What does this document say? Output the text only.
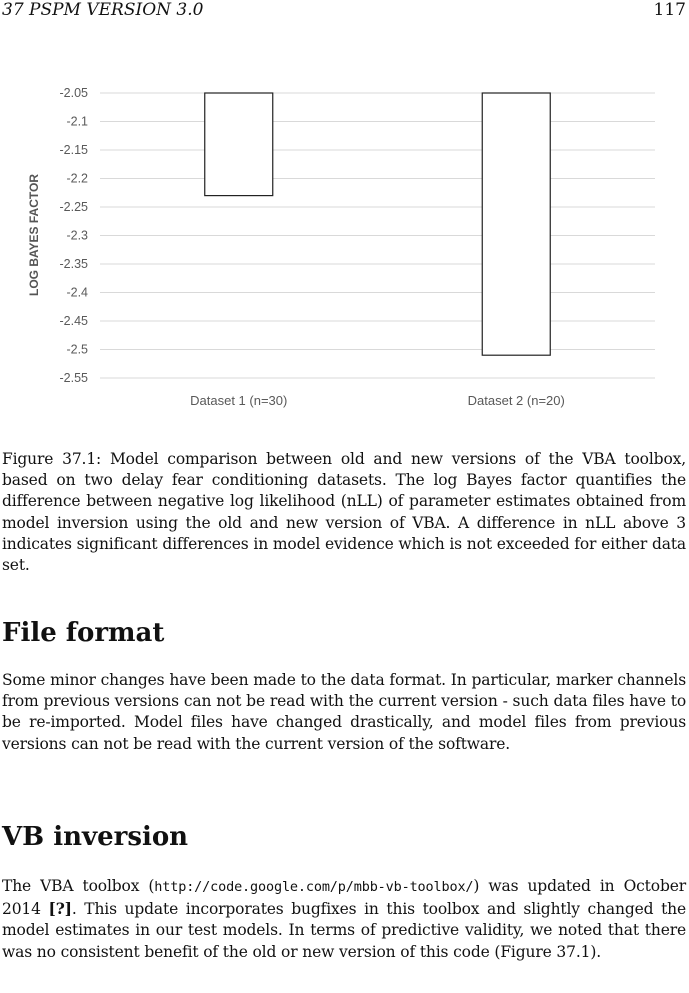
37 PSPM VERSION 3.0	117
-2.05
-2.1
-2.15
-2.2
-2.25
-2.3
-2.35
-2.4
-2.45
-2.5
-2.55
Dataset 1 (n=30)	Dataset 2 (n=20)
LOG BAYES FACTOR
Figure 37.1: Model comparison between old and new versions of the VBA toolbox, based on two delay fear conditioning datasets. The log Bayes factor quantifies the difference between negative log likelihood (nLL) of parameter estimates obtained from model inversion using the old and new version of VBA. A difference in nLL above 3 indicates significant differences in model evidence which is not exceeded for either data set.
File format
Some minor changes have been made to the data format. In particular, marker channels from previous versions can not be read with the current version - such data files have to be re-imported. Model files have changed drastically, and model files from previous versions can not be read with the current version of the software.
VB inversion
The VBA toolbox (http://code.google.com/p/mbb-vb-toolbox/) was updated in October 2014 [?]. This update incorporates bugfixes in this toolbox and slightly changed the model estimates in our test models. In terms of predictive validity, we noted that there was no consistent benefit of the old or new version of this code (Figure 37.1).
